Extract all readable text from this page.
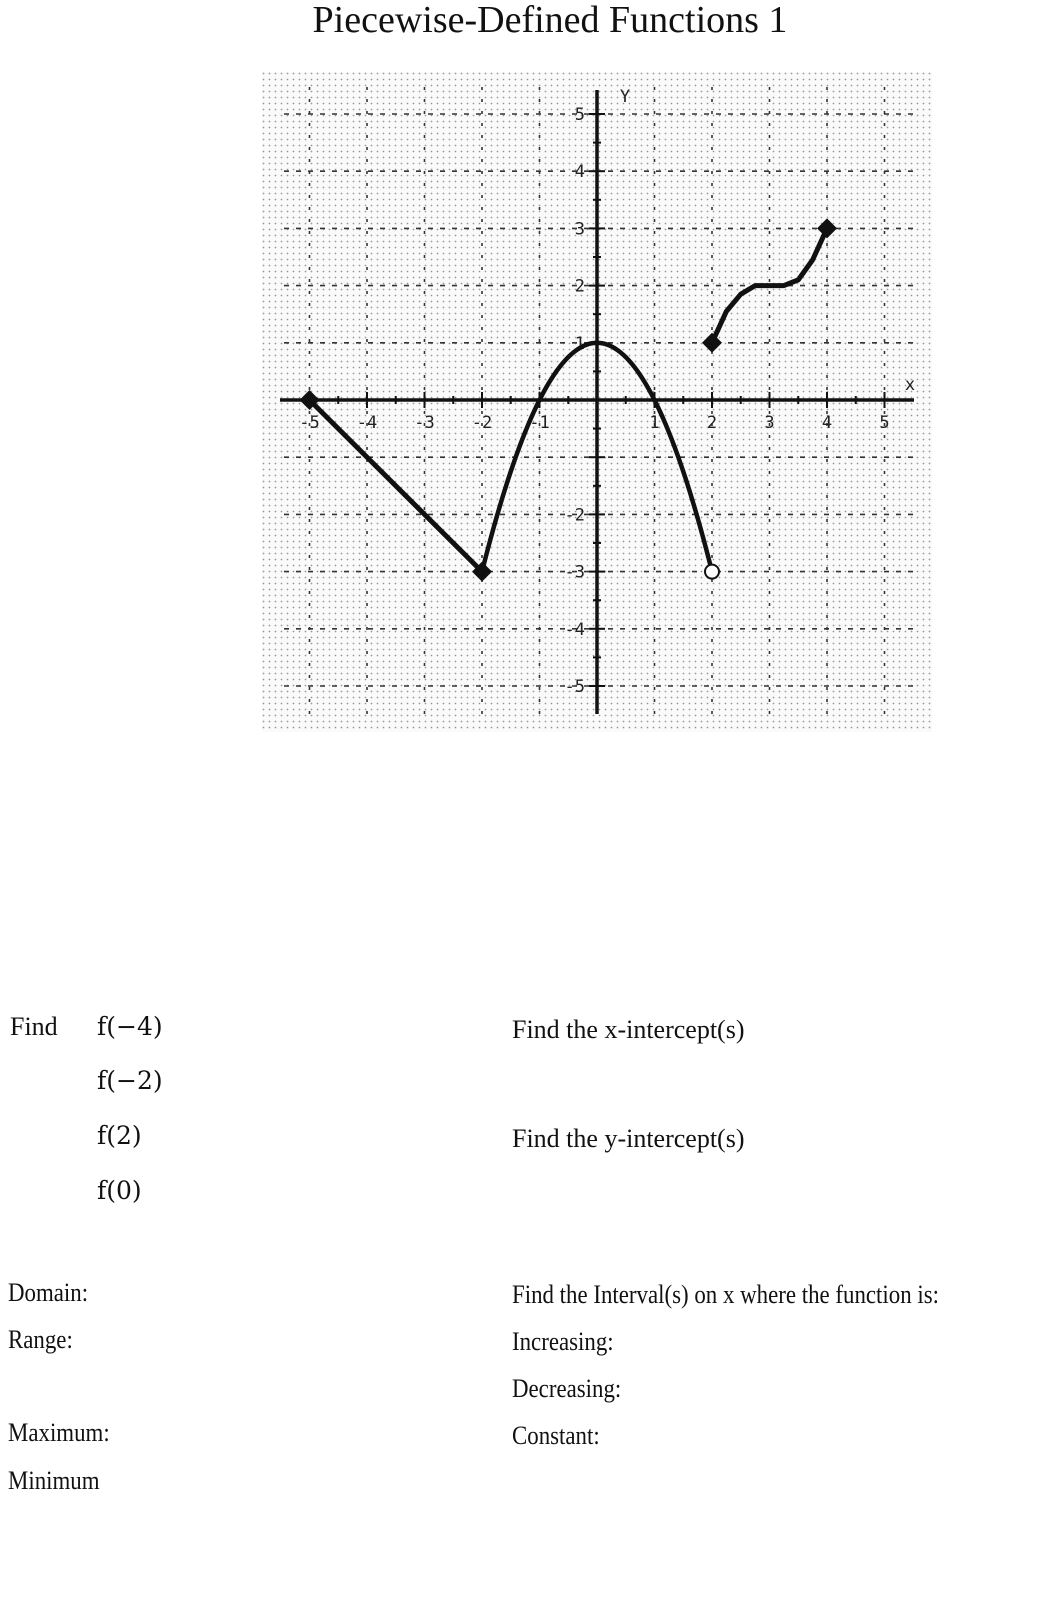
Piecewise-Defined Functions 1
-5 -4 -3 -2 -1	1	2	3	4	5
-5
-4
-3
-2
1
2
3
4
5
x
Y
Find f(−4)
f(−2)
f(2)
f(0)
Find the x-intercept(s)
Find the y-intercept(s)
Domain:
Range:
Maximum:
Minimum
Find the Interval(s) on x where the function is:
Increasing:
Decreasing:
Constant:
